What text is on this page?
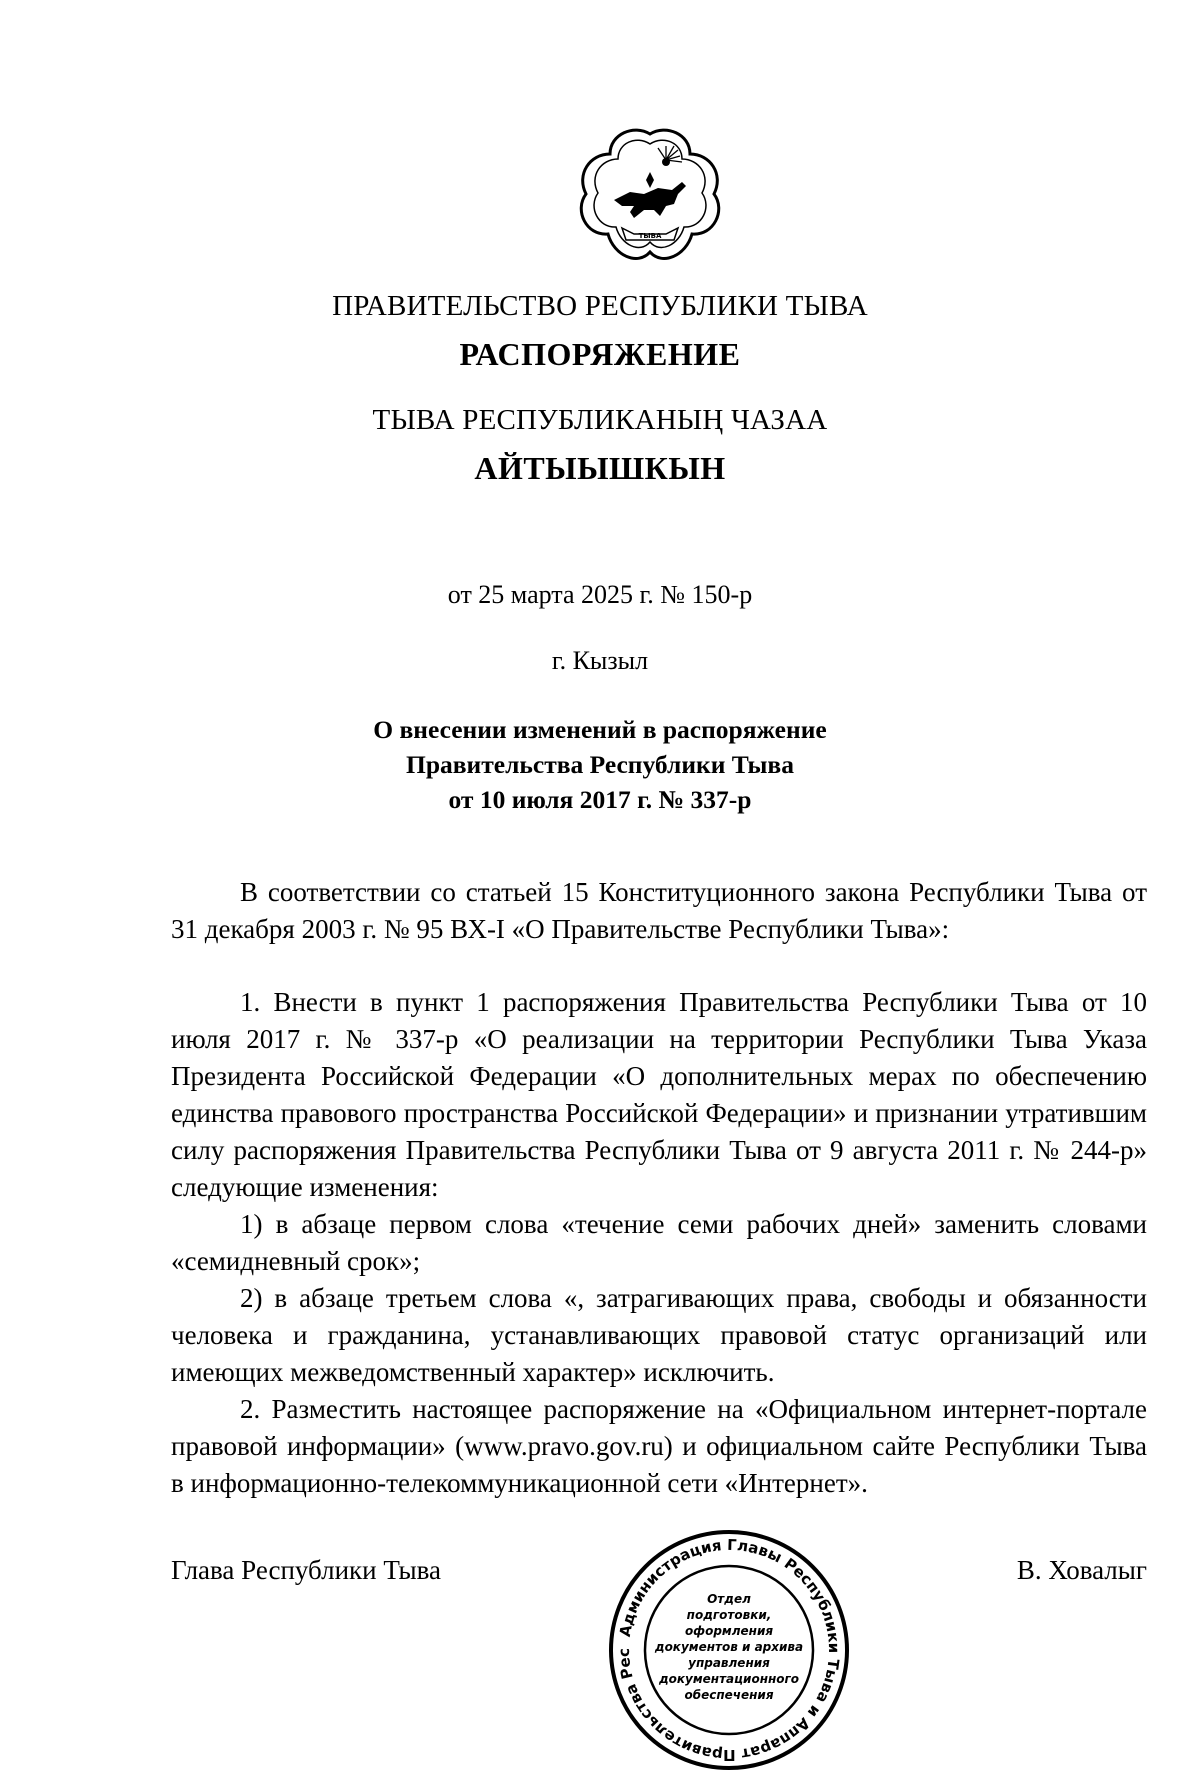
ТЫВА
ПРАВИТЕЛЬСТВО РЕСПУБЛИКИ ТЫВА
РАСПОРЯЖЕНИЕ
ТЫВА РЕСПУБЛИКАНЫҢ ЧАЗАА
АЙТЫЫШКЫН
от 25 марта 2025 г. № 150-р
г. Кызыл
О внесении изменений в распоряжение
Правительства Республики Тыва
от 10 июля 2017 г. № 337-р

В соответствии со статьей 15 Конституционного закона Республики Тыва от 31 декабря 2003 г. № 95 ВХ-I «О Правительстве Республики Тыва»:

1. Внести в пункт 1 распоряжения Правительства Республики Тыва от 10 июля 2017 г. № 337-р «О реализации на территории Республики Тыва Указа Президента Российской Федерации «О дополнительных мерах по обеспечению единства правового пространства Российской Федерации» и признании утратившим силу распоряжения Правительства Республики Тыва от 9 августа 2011 г. № 244-р» следующие изменения:

1) в абзаце первом слова «течение семи рабочих дней» заменить словами «семидневный срок»;

2) в абзаце третьем слова «, затрагивающих права, свободы и обязанности человека и гражданина, устанавливающих правовой статус организаций или имеющих межведомственный характер» исключить.

2. Разместить настоящее распоряжение на «Официальном интернет-портале правовой информации» (www.pravo.gov.ru) и официальном сайте Республики Тыва в информационно-телекоммуникационной сети «Интернет».

Глава Республики Тыва	В. Ховалыг
Администрация Главы Республики Тыва и Аппарат Правительства Рес
Отдел
подготовки,
оформления
документов и архива
управления
документационного
обеспечения
